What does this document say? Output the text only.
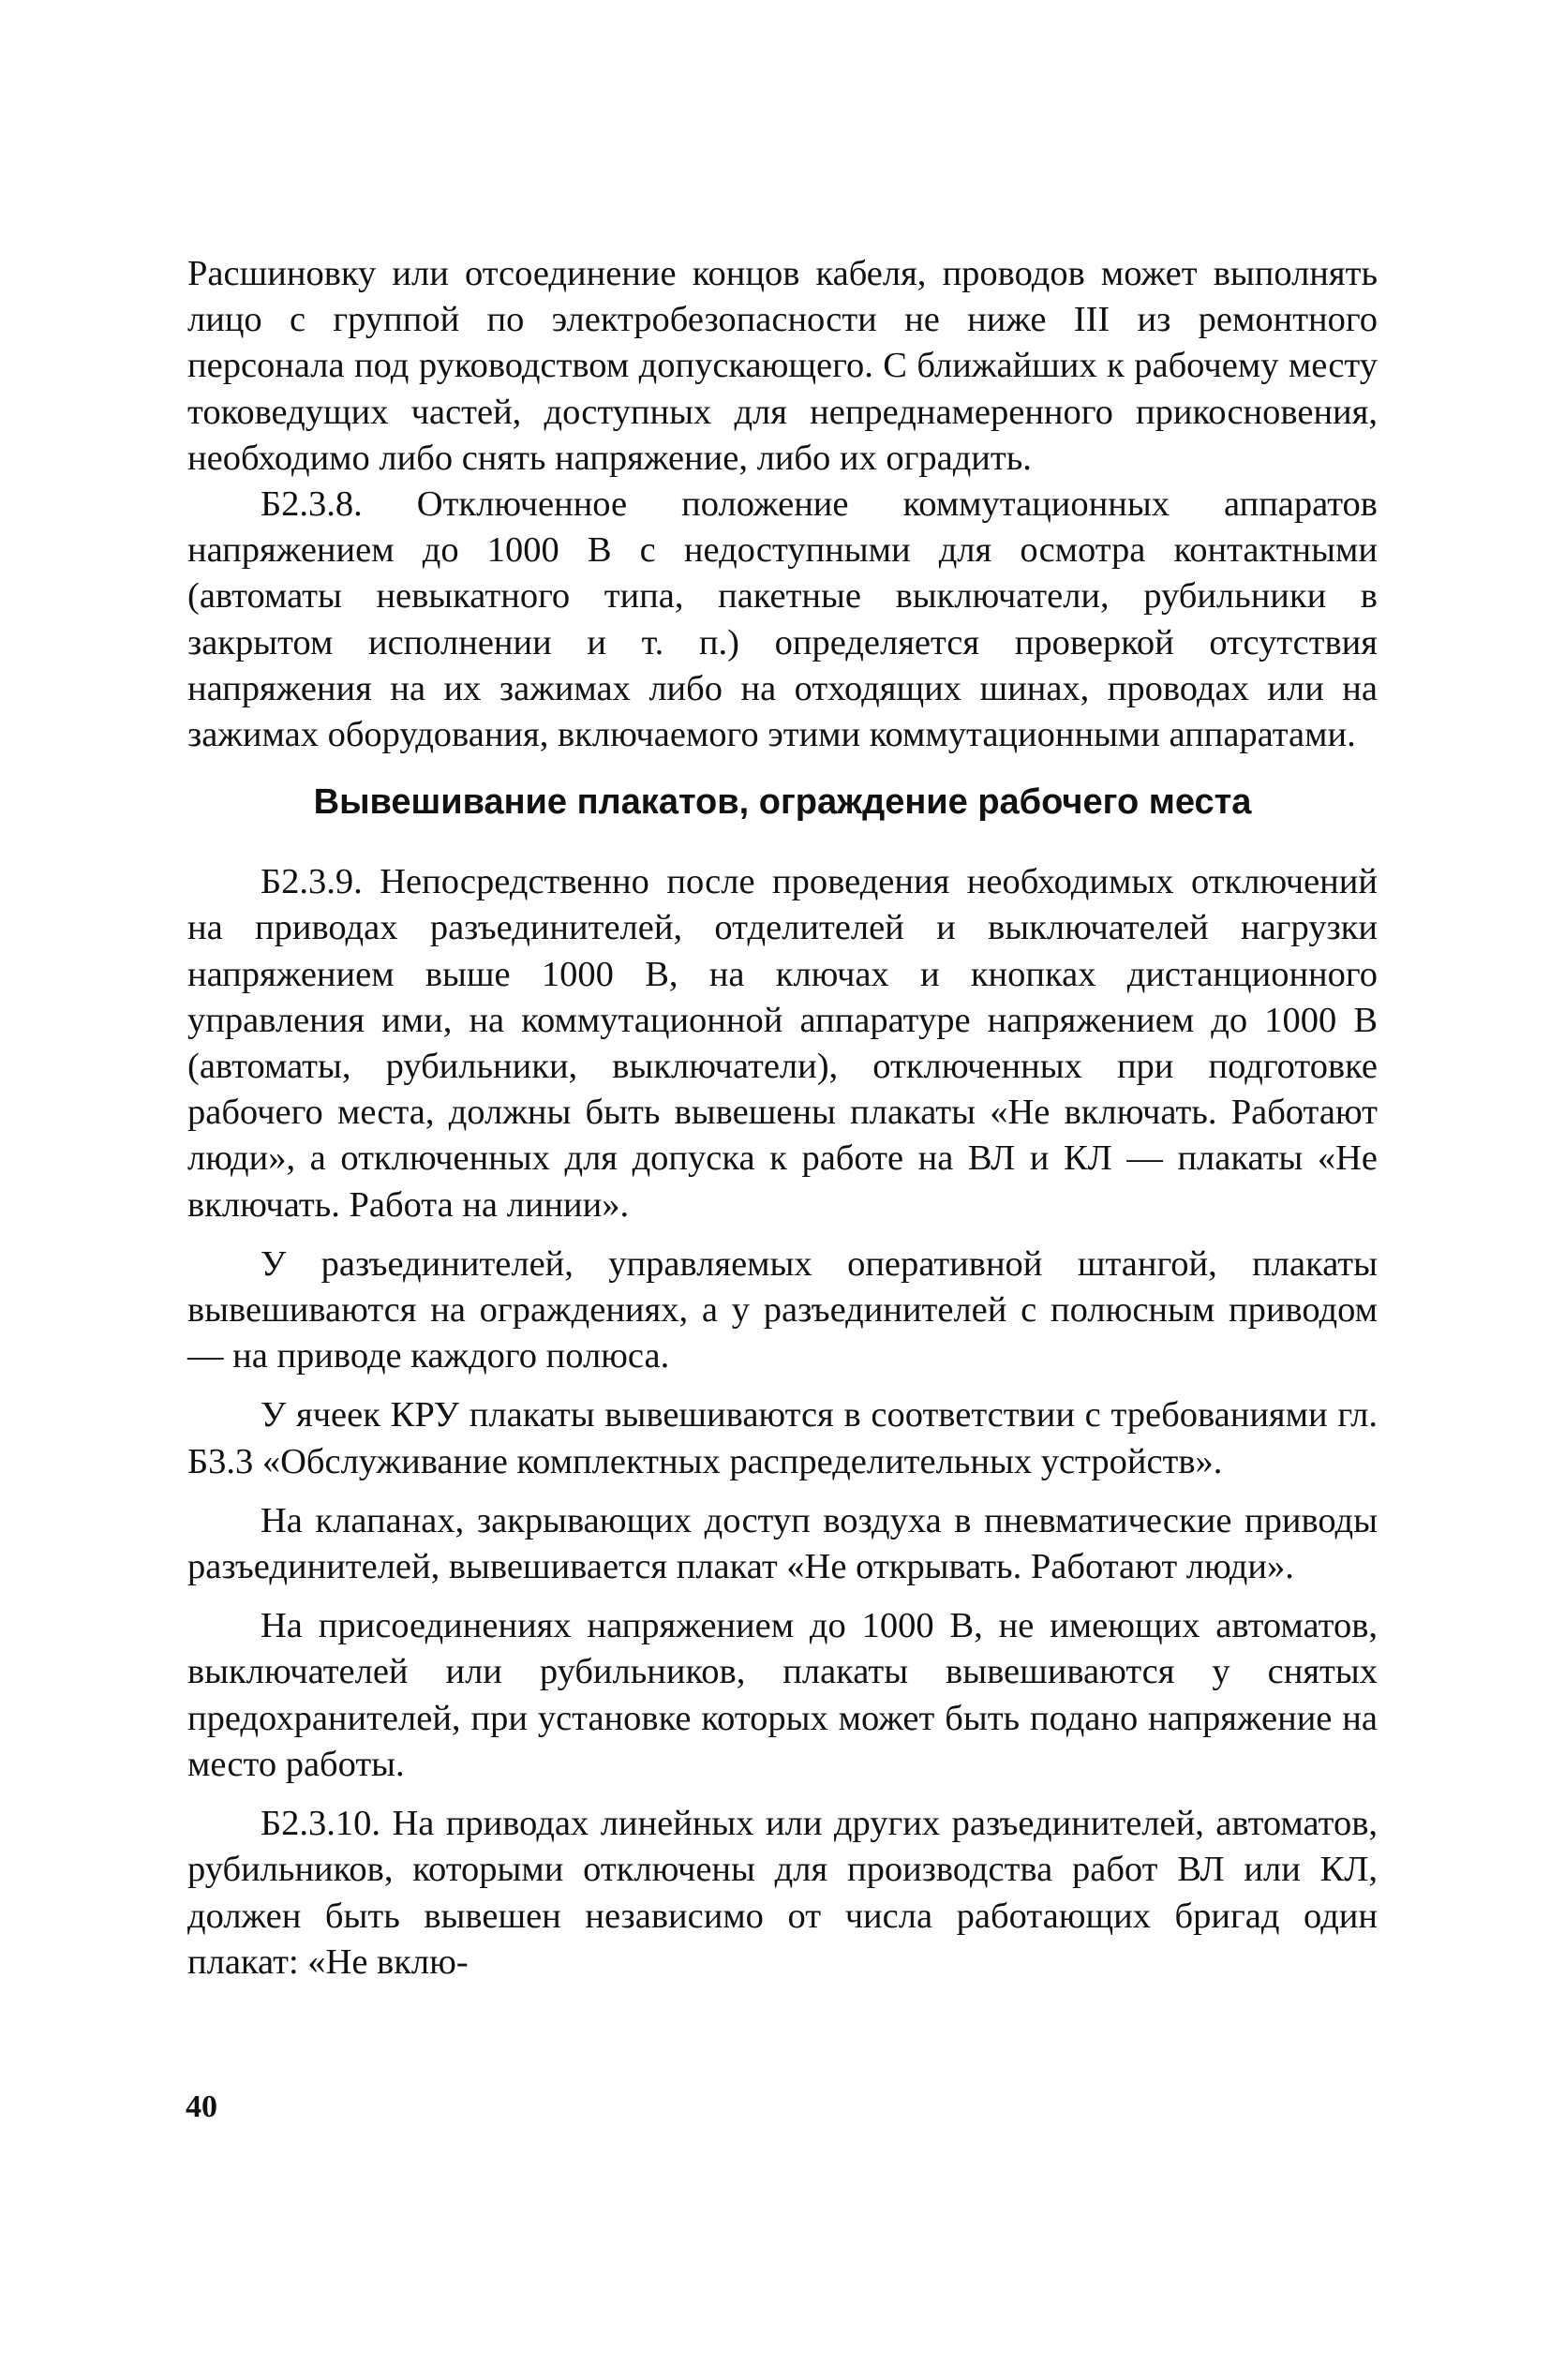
Расшиновку или отсоединение концов кабеля, проводов может выполнять лицо с группой по электробезопасности не ниже III из ремонтного персонала под руководством допускающего. С ближайших к рабочему месту токоведущих частей, доступных для непреднамеренного прикосновения, необходимо либо снять напряжение, либо их оградить.

Б2.3.8. Отключенное положение коммутационных аппаратов напряжением до 1000 В с недоступными для осмотра контактными (автоматы невыкатного типа, пакетные выключатели, рубильники в закрытом исполнении и т. п.) определяется проверкой отсутствия напряжения на их зажимах либо на отходящих шинах, проводах или на зажимах оборудования, включаемого этими коммутационными аппаратами.

Вывешивание плакатов, ограждение рабочего места

Б2.3.9. Непосредственно после проведения необходимых отключений на приводах разъединителей, отделителей и выключателей нагрузки напряжением выше 1000 В, на ключах и кнопках дистанционного управления ими, на коммутационной аппаратуре напряжением до 1000 В (автоматы, рубильники, выключатели), отключенных при подготовке рабочего места, должны быть вывешены плакаты «Не включать. Работают люди», а отключенных для допуска к работе на ВЛ и КЛ — плакаты «Не включать. Работа на линии».

У разъединителей, управляемых оперативной штангой, плакаты вывешиваются на ограждениях, а у разъединителей с полюсным приводом — на приводе каждого полюса.

У ячеек КРУ плакаты вывешиваются в соответствии с требованиями гл. Б3.3 «Обслуживание комплектных распределительных устройств».

На клапанах, закрывающих доступ воздуха в пневматические приводы разъединителей, вывешивается плакат «Не открывать. Работают люди».

На присоединениях напряжением до 1000 В, не имеющих автоматов, выключателей или рубильников, плакаты вывешиваются у снятых предохранителей, при установке которых может быть подано напряжение на место работы.

Б2.3.10. На приводах линейных или других разъединителей, автоматов, рубильников, которыми отключены для производства работ ВЛ или КЛ, должен быть вывешен независимо от числа работающих бригад один плакат: «Не вклю-

40
